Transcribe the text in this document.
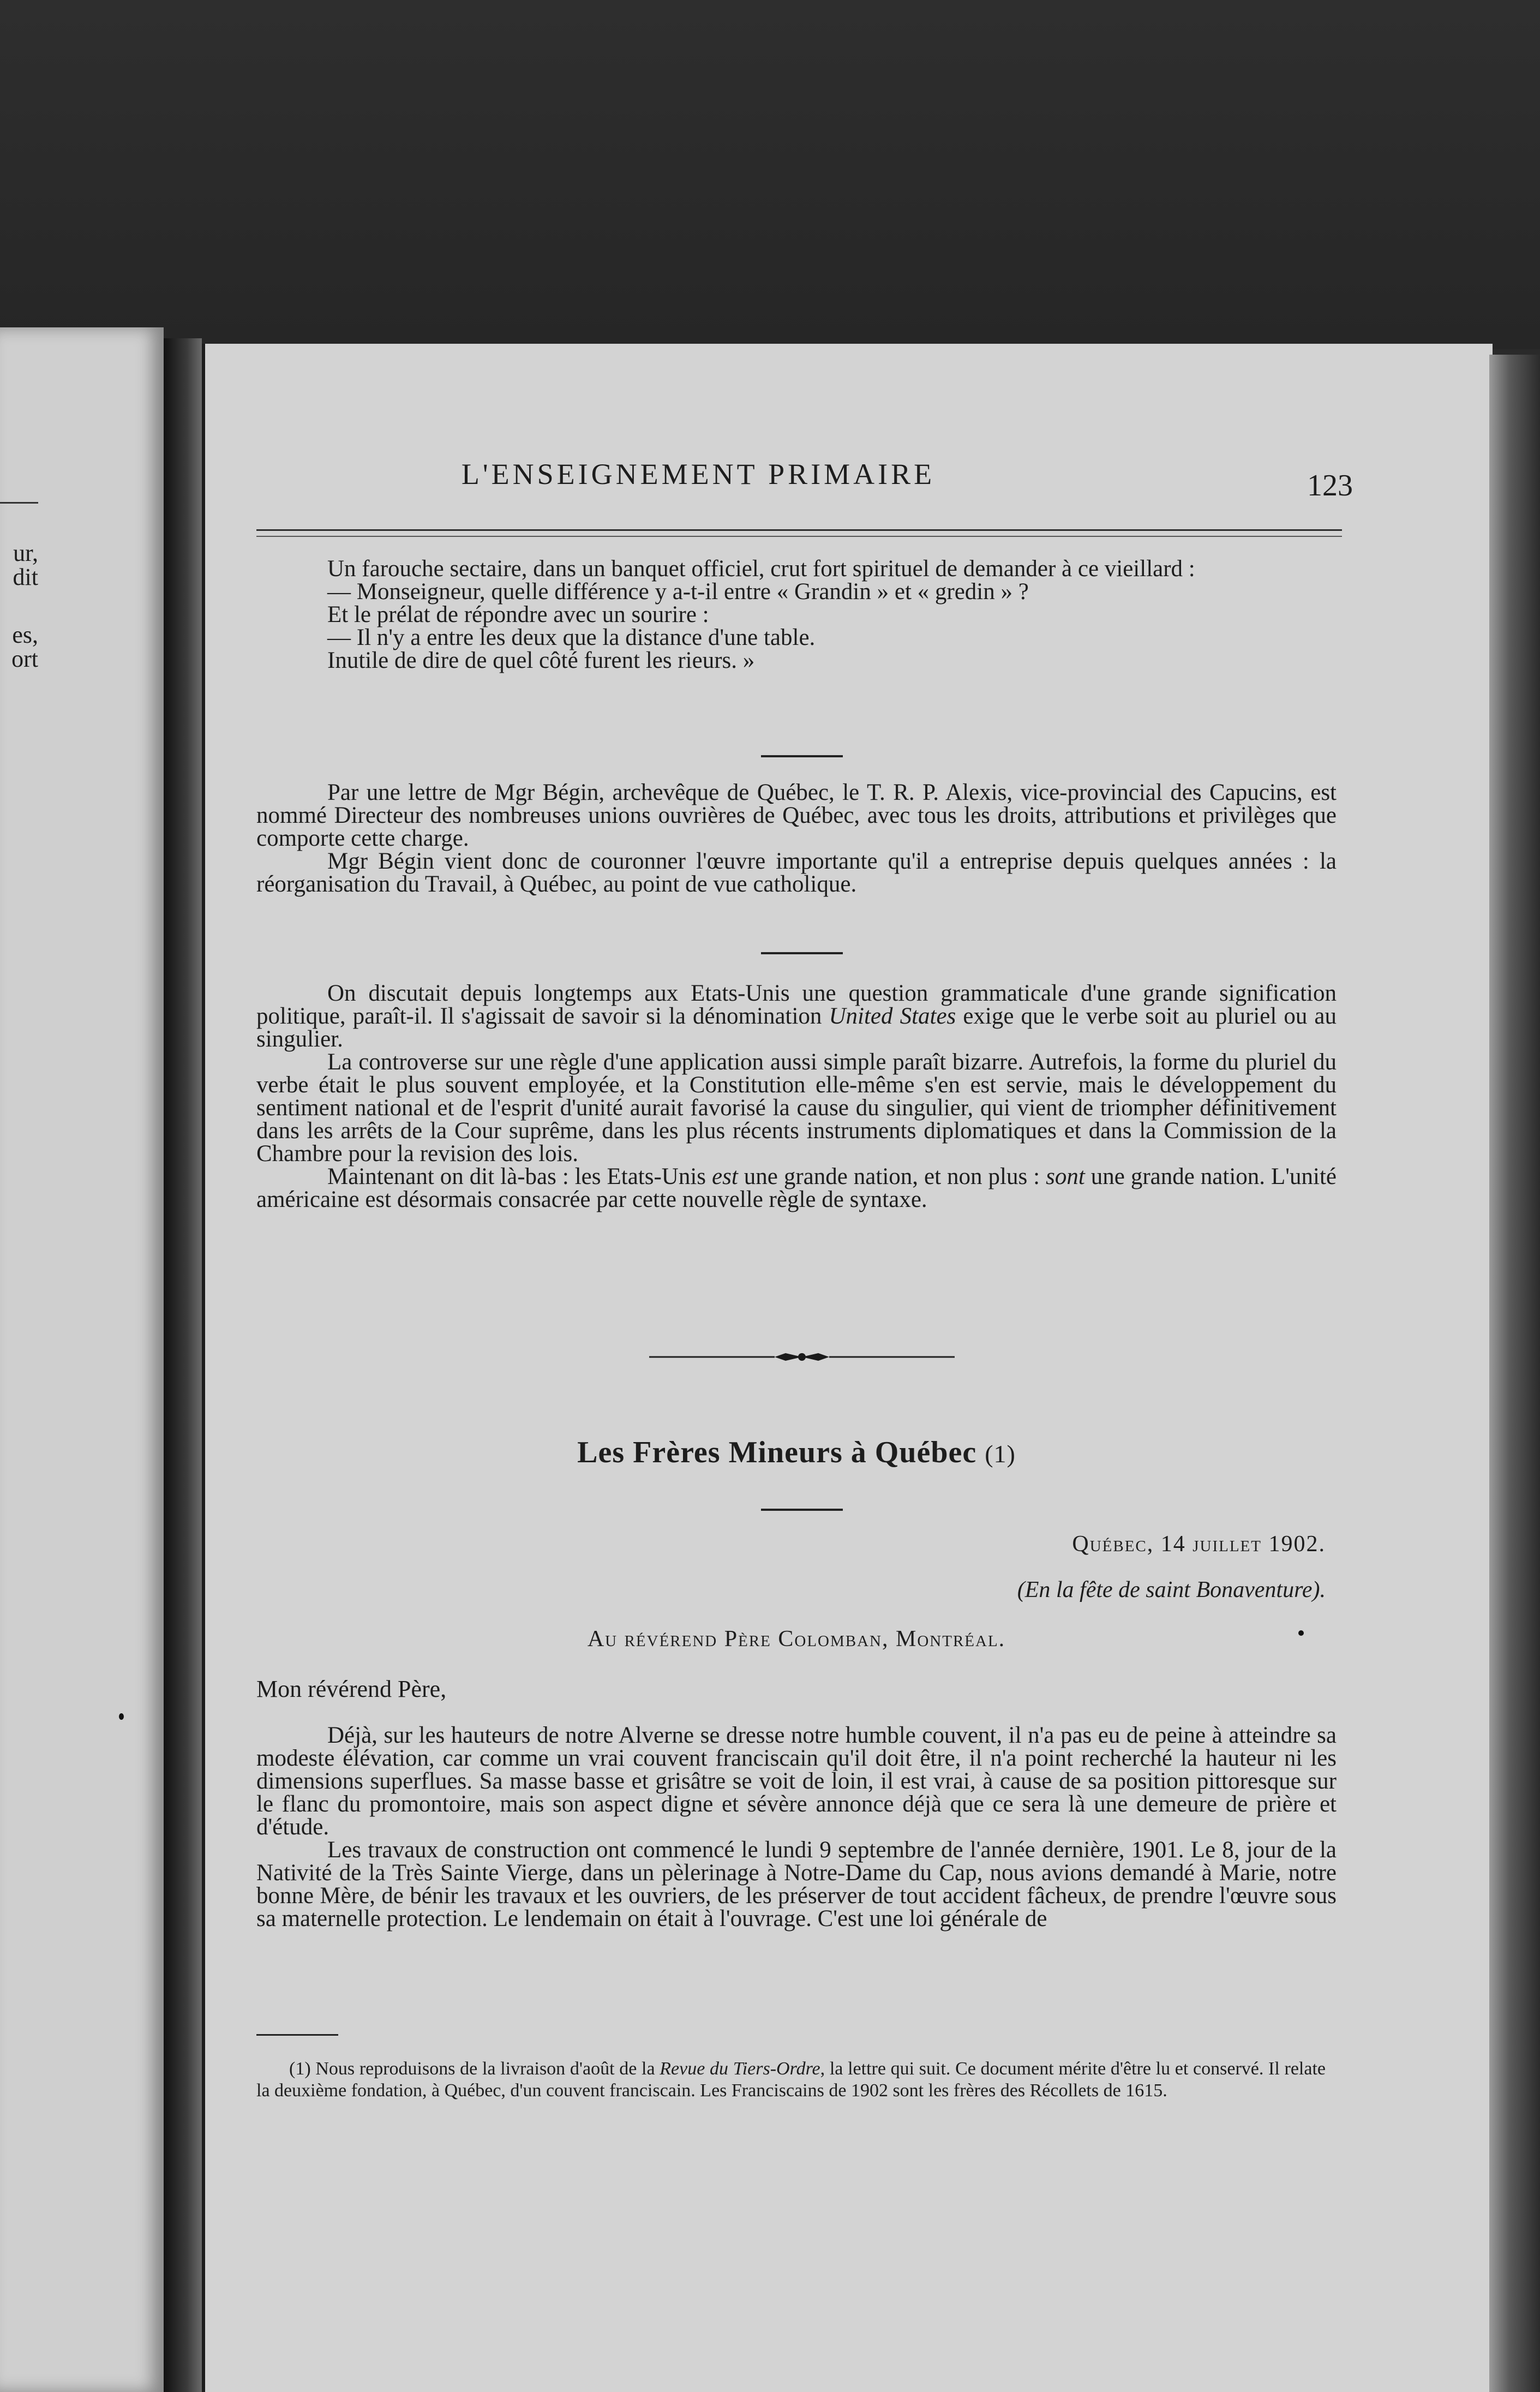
ur,
dit
es,
ort
L'ENSEIGNEMENT PRIMAIRE	123

Un farouche sectaire, dans un banquet officiel, crut fort spirituel de demander à ce vieillard :

— Monseigneur, quelle différence y a-t-il entre « Grandin » et « gredin » ?

Et le prélat de répondre avec un sourire :

— Il n'y a entre les deux que la distance d'une table.

Inutile de dire de quel côté furent les rieurs. »

Par une lettre de Mgr Bégin, archevêque de Québec, le T. R. P. Alexis, vice-provincial des Capucins, est nommé Directeur des nombreuses unions ouvrières de Québec, avec tous les droits, attributions et privilèges que comporte cette charge.

Mgr Bégin vient donc de couronner l'œuvre importante qu'il a entreprise depuis quelques années : la réorganisation du Travail, à Québec, au point de vue catholique.

On discutait depuis longtemps aux Etats-Unis une question grammaticale d'une grande signification politique, paraît-il. Il s'agissait de savoir si la dénomination United States exige que le verbe soit au pluriel ou au singulier.

La controverse sur une règle d'une application aussi simple paraît bizarre. Autrefois, la forme du pluriel du verbe était le plus souvent employée, et la Constitution elle-même s'en est servie, mais le développement du sentiment national et de l'esprit d'unité aurait favorisé la cause du singulier, qui vient de triompher définitivement dans les arrêts de la Cour suprême, dans les plus récents instruments diplomatiques et dans la Commission de la Chambre pour la revision des lois.

Maintenant on dit là-bas : les Etats-Unis est une grande nation, et non plus : sont une grande nation. L'unité américaine est désormais consacrée par cette nouvelle règle de syntaxe.

Les Frères Mineurs à Québec (1)
Québec, 14 juillet 1902.
(En la fête de saint Bonaventure).
Au révérend Père Colomban, Montréal.
Mon révérend Père,

Déjà, sur les hauteurs de notre Alverne se dresse notre humble couvent, il n'a pas eu de peine à atteindre sa modeste élévation, car comme un vrai couvent franciscain qu'il doit être, il n'a point recherché la hauteur ni les dimensions superflues. Sa masse basse et grisâtre se voit de loin, il est vrai, à cause de sa position pittoresque sur le flanc du promontoire, mais son aspect digne et sévère annonce déjà que ce sera là une demeure de prière et d'étude.

Les travaux de construction ont commencé le lundi 9 septembre de l'année dernière, 1901. Le 8, jour de la Nativité de la Très Sainte Vierge, dans un pèlerinage à Notre-Dame du Cap, nous avions demandé à Marie, notre bonne Mère, de bénir les travaux et les ouvriers, de les préserver de tout accident fâcheux, de prendre l'œuvre sous sa maternelle protection. Le lendemain on était à l'ouvrage. C'est une loi générale de

(1) Nous reproduisons de la livraison d'août de la Revue du Tiers-Ordre, la lettre qui suit. Ce document mérite d'être lu et conservé. Il relate la deuxième fondation, à Québec, d'un couvent franciscain. Les Franciscains de 1902 sont les frères des Récollets de 1615.
